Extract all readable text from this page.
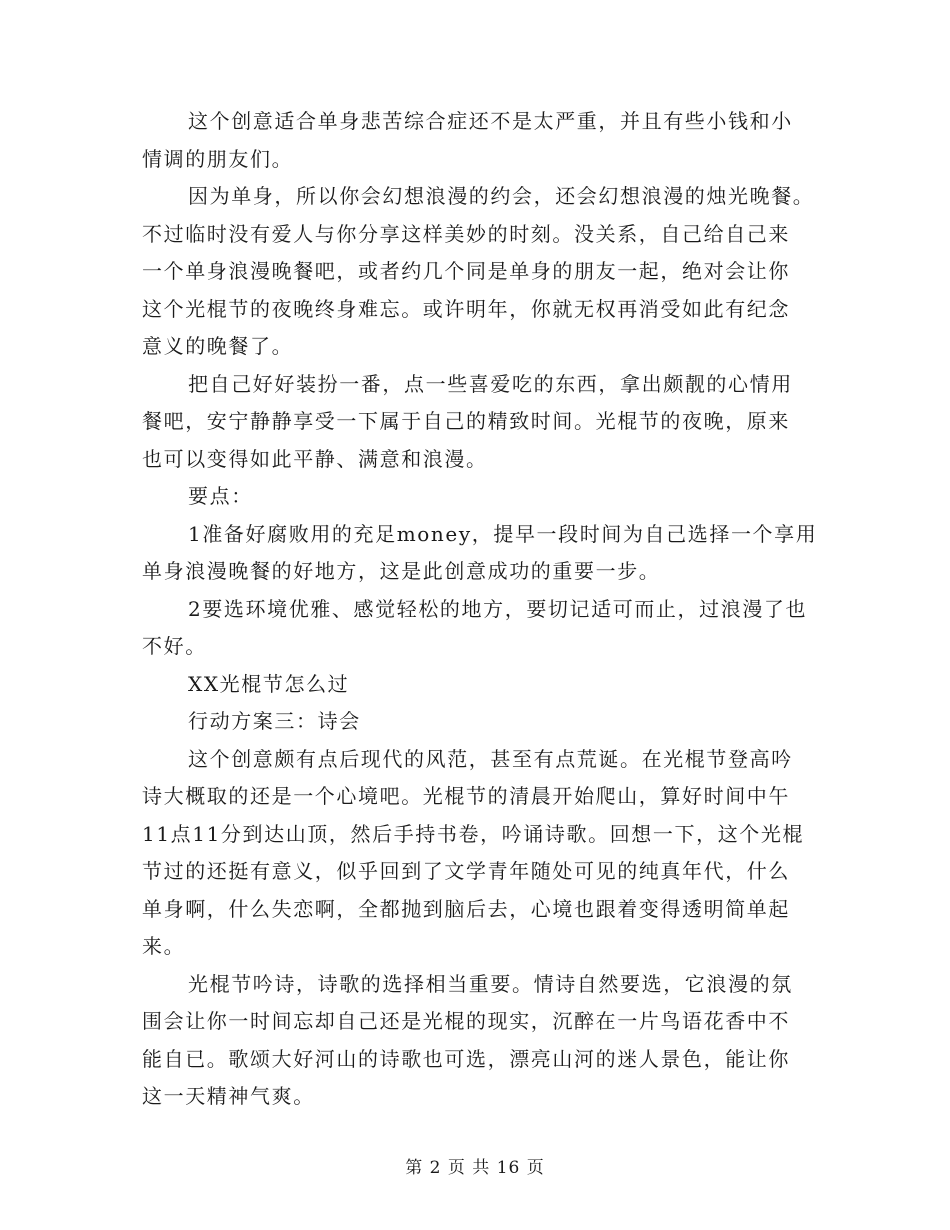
这个创意适合单身悲苦综合症还不是太严重，并且有些小钱和小
情调的朋友们。
因为单身，所以你会幻想浪漫的约会，还会幻想浪漫的烛光晚餐。
不过临时没有爱人与你分享这样美妙的时刻。没关系，自己给自己来
一个单身浪漫晚餐吧，或者约几个同是单身的朋友一起，绝对会让你
这个光棍节的夜晚终身难忘。或许明年，你就无权再消受如此有纪念
意义的晚餐了。
把自己好好装扮一番，点一些喜爱吃的东西，拿出颇靓的心情用
餐吧，安宁静静享受一下属于自己的精致时间。光棍节的夜晚，原来
也可以变得如此平静、满意和浪漫。
要点：
1准备好腐败用的充足money，提早一段时间为自己选择一个享用
单身浪漫晚餐的好地方，这是此创意成功的重要一步。
2要选环境优雅、感觉轻松的地方，要切记适可而止，过浪漫了也
不好。
XX光棍节怎么过
行动方案三：诗会
这个创意颇有点后现代的风范，甚至有点荒诞。在光棍节登高吟
诗大概取的还是一个心境吧。光棍节的清晨开始爬山，算好时间中午
11点11分到达山顶，然后手持书卷，吟诵诗歌。回想一下，这个光棍
节过的还挺有意义，似乎回到了文学青年随处可见的纯真年代，什么
单身啊，什么失恋啊，全都抛到脑后去，心境也跟着变得透明简单起
来。
光棍节吟诗，诗歌的选择相当重要。情诗自然要选，它浪漫的氛
围会让你一时间忘却自己还是光棍的现实，沉醉在一片鸟语花香中不
能自已。歌颂大好河山的诗歌也可选，漂亮山河的迷人景色，能让你
这一天精神气爽。
第 2 页 共 16 页
